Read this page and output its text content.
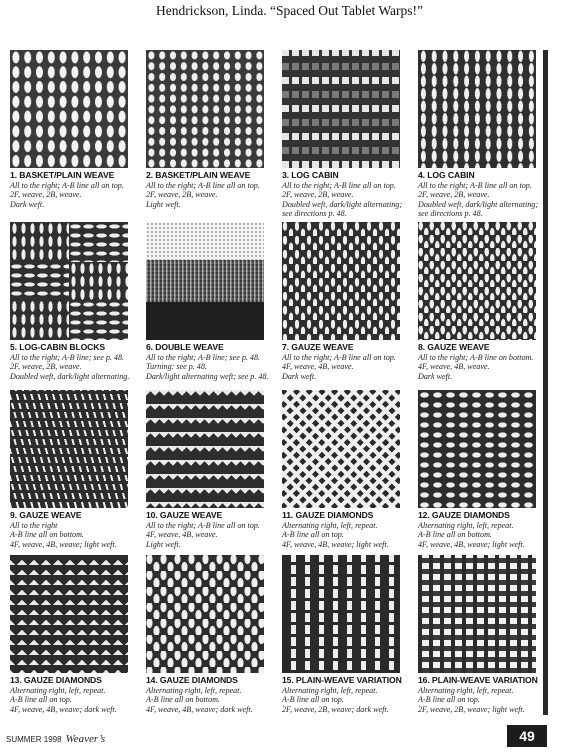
Hendrickson, Linda. “Spaced Out Tablet Warps!”
1. BASKET/PLAIN WEAVE
All to the right; A-B line all on top.
2F, weave, 2B, weave.
Dark weft.
2. BASKET/PLAIN WEAVE
All to the right; A-B line all on top.
2F, weave, 2B, weave.
Light weft.
3. LOG CABIN
All to the right; A-B line all on top.
2F, weave, 2B, weave.
Doubled weft, dark/light alternating;
see directions p. 48.
4. LOG CABIN
All to the right; A-B line all on top.
2F, weave, 2B, weave.
Doubled weft, dark/light alternating;
see directions p. 48.
5. LOG-CABIN BLOCKS
All to the right; A-B line; see p. 48.
2F, weave, 2B, weave.
Doubled weft, dark/light alternating.
6. DOUBLE WEAVE
All to the right; A-B line; see p. 48.
Turning: see p. 48.
Dark/light alternating weft; see p. 48.
7. GAUZE WEAVE
All to the right; A-B line all on top.
4F, weave, 4B, weave.
Dark weft.
8. GAUZE WEAVE
All to the right; A-B line on bottom.
4F, weave, 4B, weave.
Dark weft.
9. GAUZE WEAVE
All to the right
A-B line all on bottom.
4F, weave, 4B, weave; light weft.
10. GAUZE WEAVE
All to the right; A-B line all on top.
4F, weave, 4B, weave.
Light weft.
11. GAUZE DIAMONDS
Alternating right, left, repeat.
A-B line all on top.
4F, weave, 4B, weave; light weft.
12. GAUZE DIAMONDS
Alternating right, left, repeat.
A-B line all on bottom.
4F, weave, 4B, weave; light weft.
13. GAUZE DIAMONDS
Alternating right, left, repeat.
A-B line all on top.
4F, weave, 4B, weave; dark weft.
14. GAUZE DIAMONDS
Alternating right, left, repeat.
A-B line all on bottom.
4F, weave, 4B, weave; dark weft.
15. PLAIN-WEAVE VARIATION
Alternating right, left, repeat.
A-B line all on top.
2F, weave, 2B, weave; dark weft.
16. PLAIN-WEAVE VARIATION
Alternating right, left, repeat.
A-B line all on top.
2F, weave, 2B, weave; light weft.
SUMMER 1998 Weaver’s	49
